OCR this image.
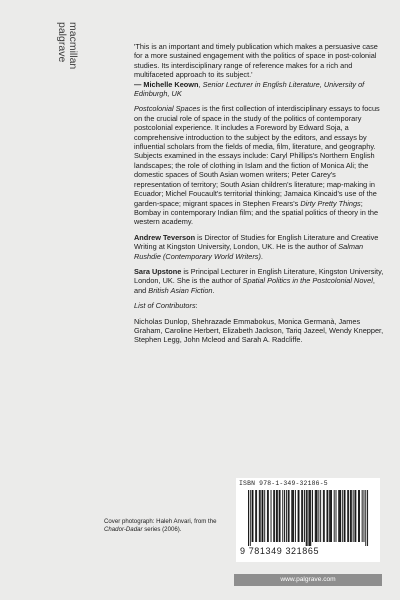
palgrave macmillan	'This is an important and timely publication which makes a persuasive case for a more sustained engagement with the politics of space in post-colonial studies. Its interdisciplinary range of reference makes for a rich and multifaceted approach to its subject.'
— Michelle Keown, Senior Lecturer in English Literature, University of Edinburgh, UK

Postcolonial Spaces is the first collection of interdisciplinary essays to focus on the crucial role of space in the study of the politics of contemporary postcolonial experience. It includes a Foreword by Edward Soja, a comprehensive introduction to the subject by the editors, and essays by influential scholars from the fields of media, film, literature, and geography. Subjects examined in the essays include: Caryl Phillips's Northern English landscapes; the role of clothing in Islam and the fiction of Monica Ali; the domestic spaces of South Asian women writers; Peter Carey's representation of territory; South Asian children's literature; map-making in Ecuador; Michel Foucault's territorial thinking; Jamaica Kincaid's use of the garden-space; migrant spaces in Stephen Frears's Dirty Pretty Things; Bombay in contemporary Indian film; and the spatial politics of theory in the western academy.

Andrew Teverson is Director of Studies for English Literature and Creative Writing at Kingston University, London, UK. He is the author of Salman Rushdie (Contemporary World Writers).

Sara Upstone is Principal Lecturer in English Literature, Kingston University, London, UK. She is the author of Spatial Politics in the Postcolonial Novel, and British Asian Fiction.

List of Contributors:

Nicholas Dunlop, Shehrazade Emmabokus, Monica Germanà, James Graham, Caroline Herbert, Elizabeth Jackson, Tariq Jazeel, Wendy Knepper, Stephen Legg, John Mcleod and Sarah A. Radcliffe.

ISBN 978-1-349-32186-5
9 781349 321865
Cover photograph: Haleh Anvari, from the Chador-Dadar series (2006).
www.palgrave.com
